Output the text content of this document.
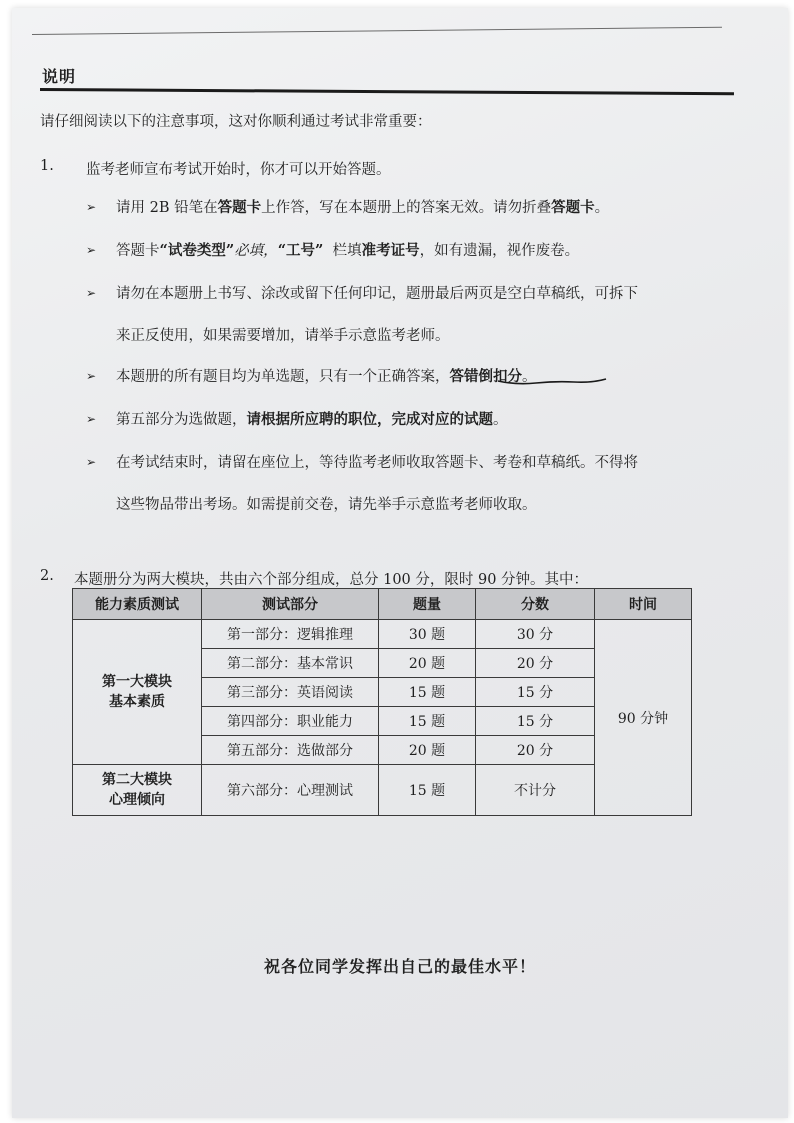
说明
请仔细阅读以下的注意事项，这对你顺利通过考试非常重要：
1. 监考老师宣布考试开始时，你才可以开始答题。
➢ 请用 2B 铅笔在答题卡上作答，写在本题册上的答案无效。请勿折叠答题卡。
➢ 答题卡“试卷类型”必填，“工号” 栏填准考证号，如有遗漏，视作废卷。
➢ 请勿在本题册上书写、涂改或留下任何印记，题册最后两页是空白草稿纸，可拆下
来正反使用，如果需要增加，请举手示意监考老师。
➢ 本题册的所有题目均为单选题，只有一个正确答案，答错倒扣分。
➢ 第五部分为选做题，请根据所应聘的职位，完成对应的试题。
➢ 在考试结束时，请留在座位上，等待监考老师收取答题卡、考卷和草稿纸。不得将
这些物品带出考场。如需提前交卷，请先举手示意监考老师收取。
2. 本题册分为两大模块，共由六个部分组成，总分 100 分，限时 90 分钟。其中：
能力素质测试	测试部分	题量	分数	时间
第一大模块
基本素质	第一部分：逻辑推理	30 题	30 分	90 分钟
	第二部分：基本常识	20 题	20 分	
	第三部分：英语阅读	15 题	15 分	
	第四部分：职业能力	15 题	15 分	
	第五部分：选做部分	20 题	20 分	
第二大模块
心理倾向	第六部分：心理测试	15 题	不计分	
祝各位同学发挥出自己的最佳水平！
